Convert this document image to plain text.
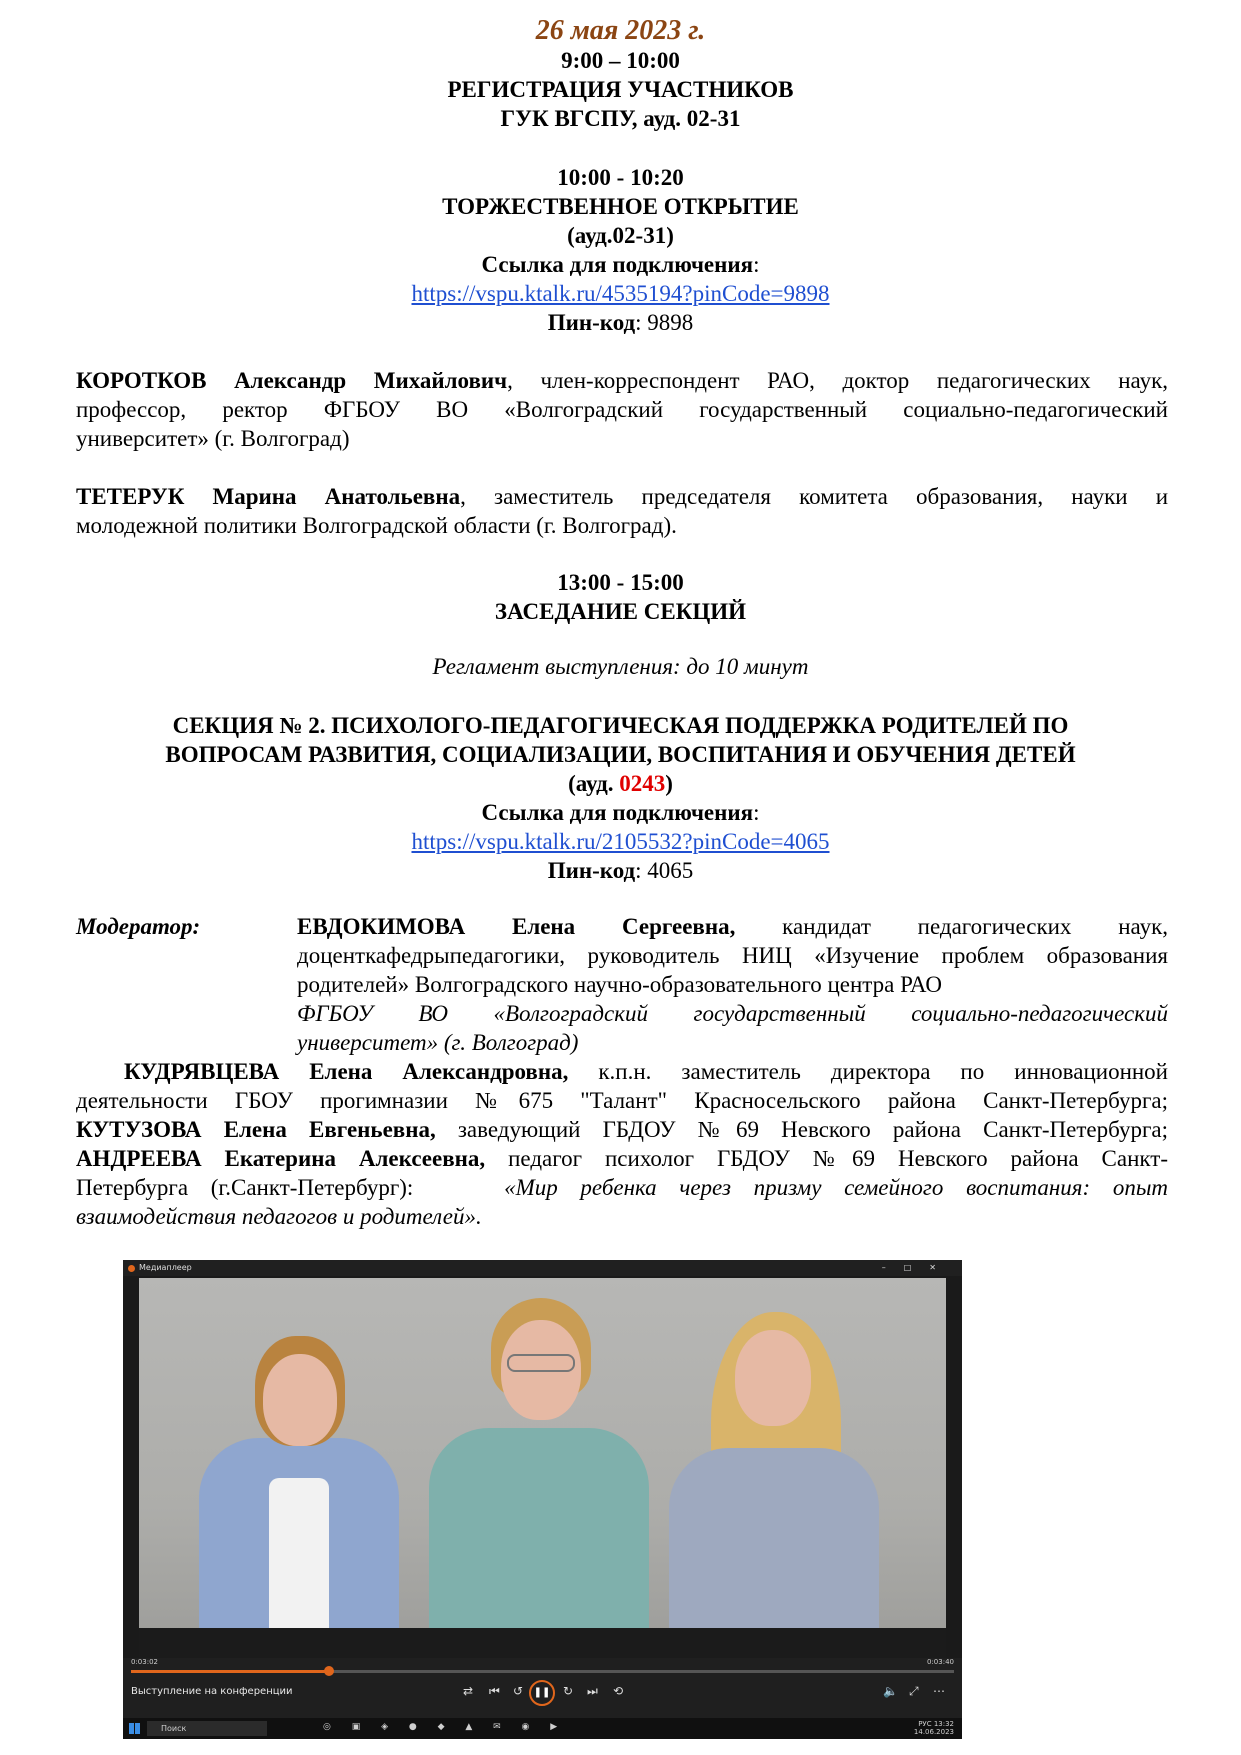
26 мая 2023 г.
9:00 – 10:00
РЕГИСТРАЦИЯ УЧАСТНИКОВ
ГУК ВГСПУ, ауд. 02-31
10:00 - 10:20
ТОРЖЕСТВЕННОЕ ОТКРЫТИЕ
(ауд.02-31)
Ссылка для подключения:
https://vspu.ktalk.ru/4535194?pinCode=9898
Пин-код: 9898
КОРОТКОВ Александр Михайлович, член-корреспондент РАО, доктор педагогических наук,
профессор, ректор ФГБОУ ВО «Волгоградский государственный социально-педагогический
университет» (г. Волгоград)
ТЕТЕРУК Марина Анатольевна, заместитель председателя комитета образования, науки и
молодежной политики Волгоградской области (г. Волгоград).
13:00 - 15:00
ЗАСЕДАНИЕ СЕКЦИЙ
Регламент выступления: до 10 минут
СЕКЦИЯ № 2. ПСИХОЛОГО-ПЕДАГОГИЧЕСКАЯ ПОДДЕРЖКА РОДИТЕЛЕЙ ПО
ВОПРОСАМ РАЗВИТИЯ, СОЦИАЛИЗАЦИИ, ВОСПИТАНИЯ И ОБУЧЕНИЯ ДЕТЕЙ
(ауд. 0243)
Ссылка для подключения:
https://vspu.ktalk.ru/2105532?pinCode=4065
Пин-код: 4065
Модератор:	ЕВДОКИМОВА Елена Сергеевна, кандидат педагогических наук,
доценткафедрыпедагогики, руководитель НИЦ «Изучение проблем образования
родителей» Волгоградского научно-образовательного центра РАО
ФГБОУ ВО «Волгоградский государственный социально-педагогический
университет» (г. Волгоград)
КУДРЯВЦЕВА Елена Александровна, к.п.н. заместитель директора по инновационной
деятельности ГБОУ прогимназии №675 "Талант" Красносельского района Санкт-Петербурга;
КУТУЗОВА Елена Евгеньевна, заведующий ГБДОУ №69 Невского района Санкт-Петербурга;
АНДРЕЕВА Екатерина Алексеевна, педагог психолог ГБДОУ №69 Невского района Санкт-
Петербурга (г.Санкт-Петербург):	«Мир ребенка через призму семейного воспитания: опыт
взаимодействия педагогов и родителей».
Медиаплеер	–□✕
0:03:02	0:03:40
Выступление на конференции	⇄ ⏮ ↺	❚❚	↻ ⏭ ⟲	🔈 ⤢ ⋯
Поиск	◎ ▣ ◈ ● ◆ ▲ ✉ ◉ ▶	РУС 13:32
14.06.2023
